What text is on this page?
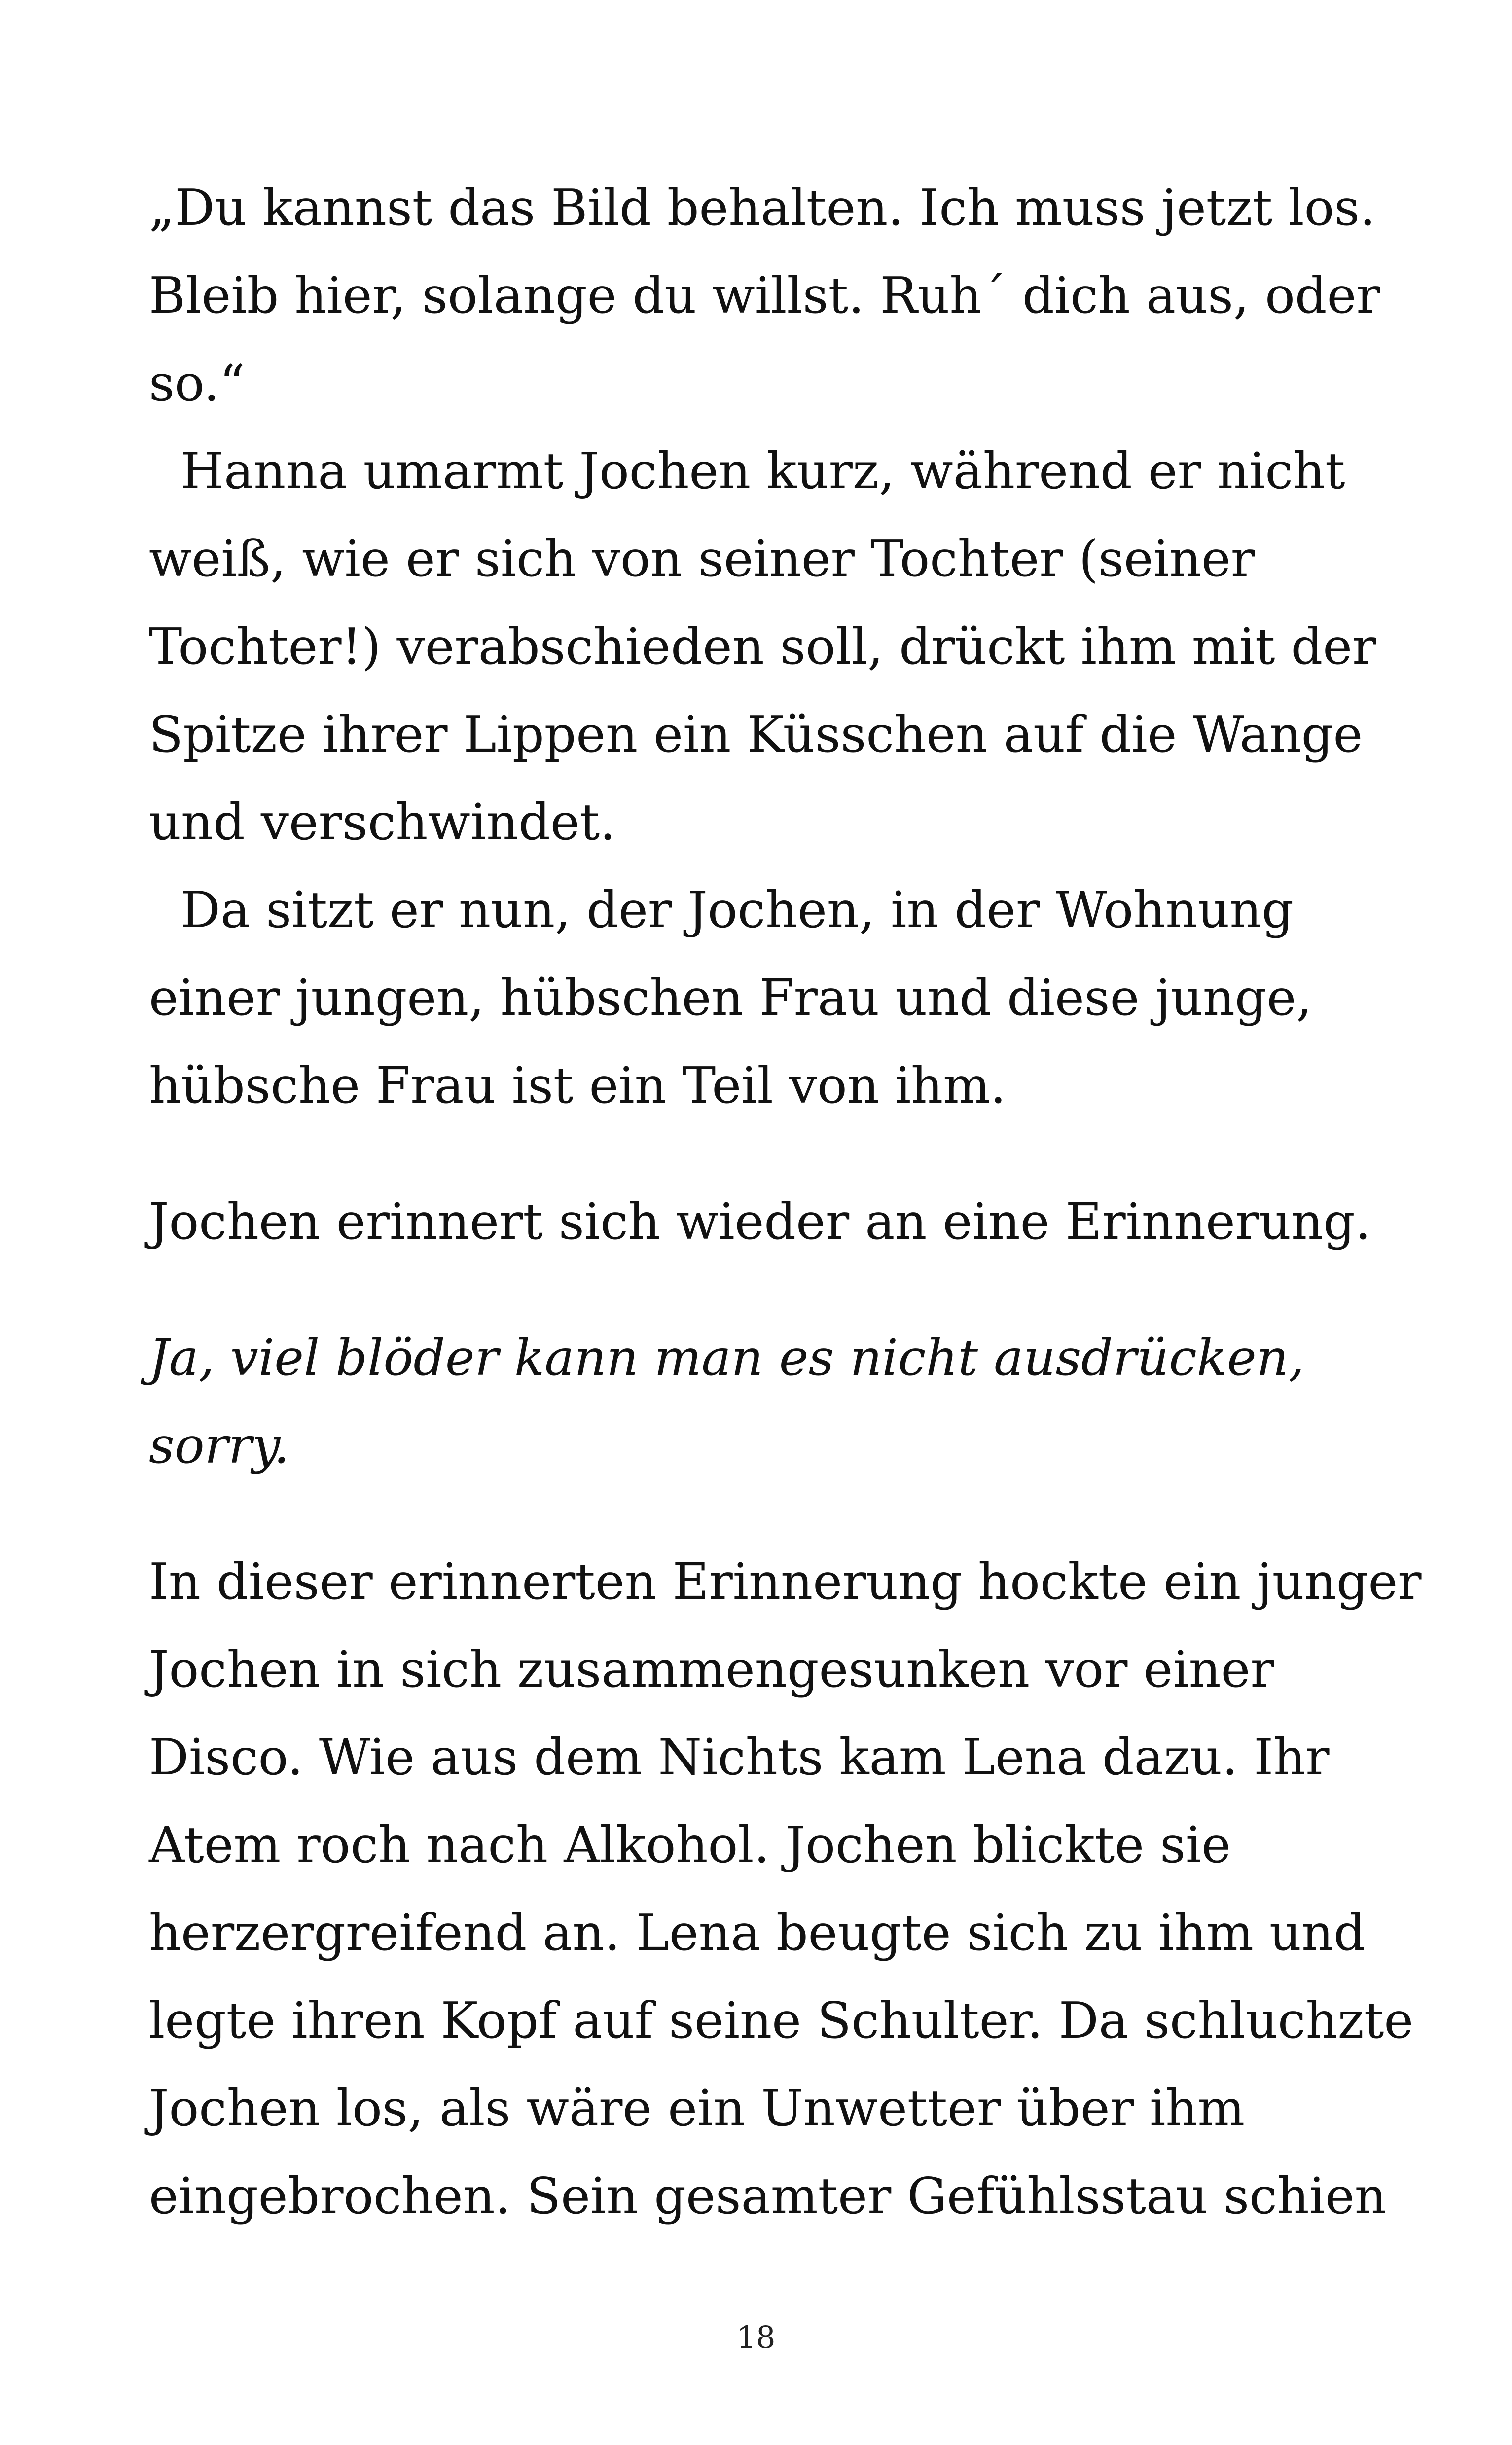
„Du kannst das Bild behalten. Ich muss jetzt los.
Bleib hier, solange du willst. Ruh´ dich aus, oder
so.“

Hanna umarmt Jochen kurz, während er nicht
weiß, wie er sich von seiner Tochter (seiner
Tochter!) verabschieden soll, drückt ihm mit der
Spitze ihrer Lippen ein Küsschen auf die Wange
und verschwindet.

Da sitzt er nun, der Jochen, in der Wohnung
einer jungen, hübschen Frau und diese junge,
hübsche Frau ist ein Teil von ihm.

Jochen erinnert sich wieder an eine Erinnerung.

Ja, viel blöder kann man es nicht ausdrücken,
sorry.

In dieser erinnerten Erinnerung hockte ein junger
Jochen in sich zusammengesunken vor einer
Disco. Wie aus dem Nichts kam Lena dazu. Ihr
Atem roch nach Alkohol. Jochen blickte sie
herzergreifend an. Lena beugte sich zu ihm und
legte ihren Kopf auf seine Schulter. Da schluchzte
Jochen los, als wäre ein Unwetter über ihm
eingebrochen. Sein gesamter Gefühlsstau schien

18
